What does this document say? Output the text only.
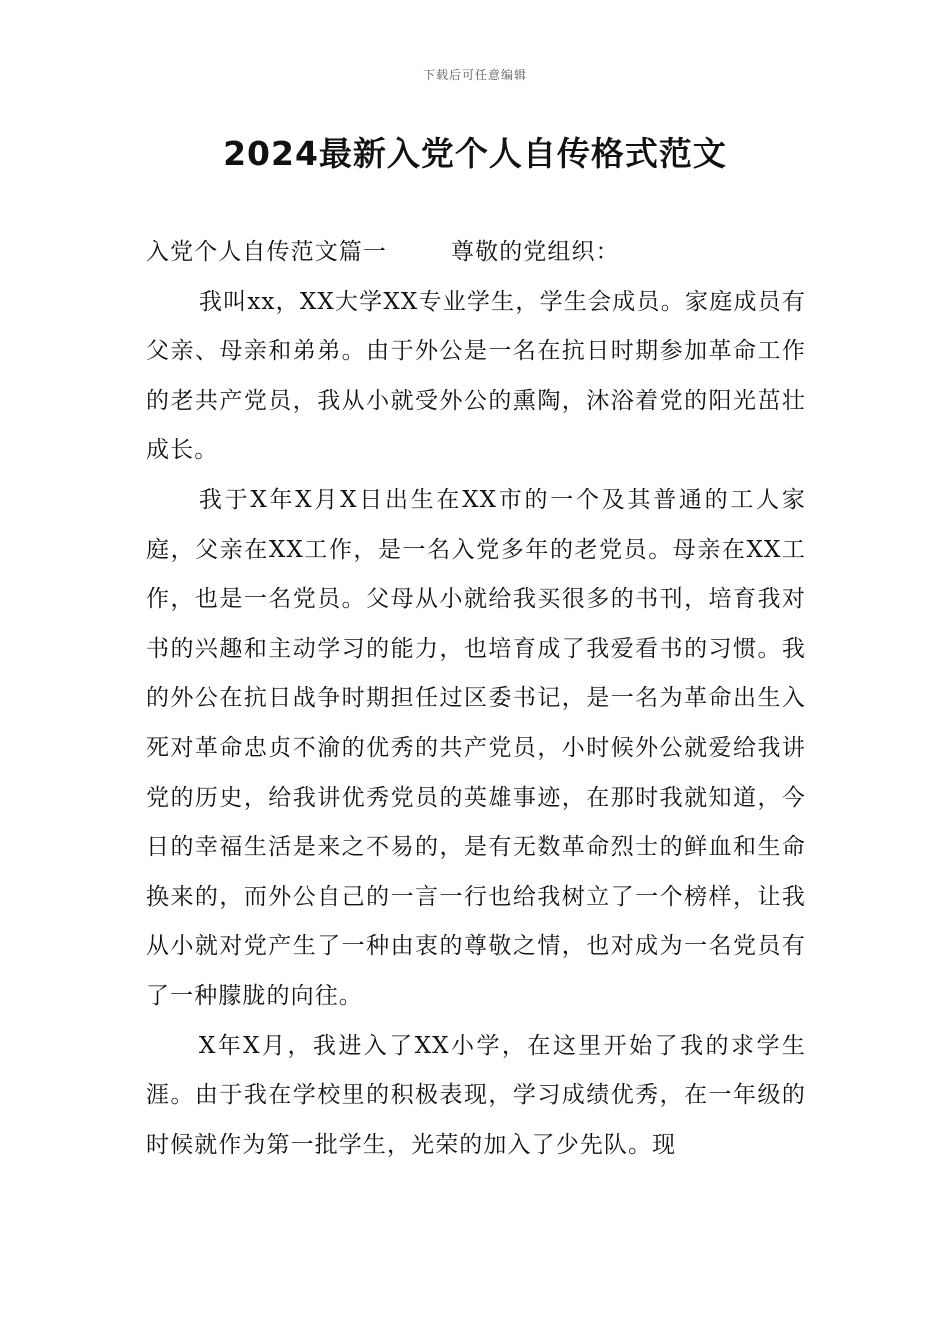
下载后可任意编辑
2024最新入党个人自传格式范文

入党个人自传范文篇一	尊敬的党组织：

我叫xx，XX大学XX专业学生，学生会成员。家庭成员有父亲、母亲和弟弟。由于外公是一名在抗日时期参加革命工作的老共产党员，我从小就受外公的熏陶，沐浴着党的阳光茁壮成长。

我于X年X月X日出生在XX市的一个及其普通的工人家庭，父亲在XX工作，是一名入党多年的老党员。母亲在XX工作，也是一名党员。父母从小就给我买很多的书刊，培育我对书的兴趣和主动学习的能力，也培育成了我爱看书的习惯。我的外公在抗日战争时期担任过区委书记，是一名为革命出生入死对革命忠贞不渝的优秀的共产党员，小时候外公就爱给我讲党的历史，给我讲优秀党员的英雄事迹，在那时我就知道，今日的幸福生活是来之不易的，是有无数革命烈士的鲜血和生命换来的，而外公自己的一言一行也给我树立了一个榜样，让我从小就对党产生了一种由衷的尊敬之情，也对成为一名党员有了一种朦胧的向往。

X年X月，我进入了XX小学，在这里开始了我的求学生涯。由于我在学校里的积极表现，学习成绩优秀，在一年级的时候就作为第一批学生，光荣的加入了少先队。现
